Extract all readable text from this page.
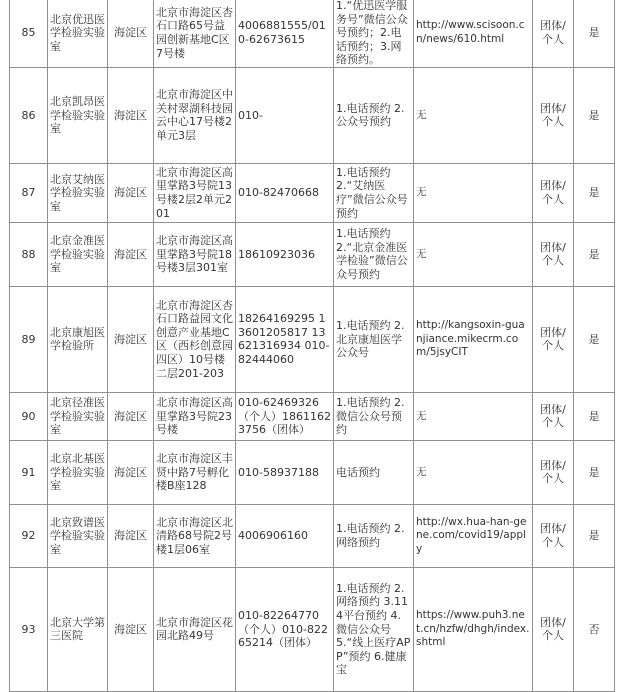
85	北京优迅医学检验实验室	海淀区	北京市海淀区杏石口路65号益园创新基地C区7号楼	4006881555/010-62673615	1.“优迅医学服务号”微信公众号预约；2.电话预约；3.网络预约。	http://www.scisoon.cn/news/610.html	团体/个人	是
86	北京凯昂医学检验实验室	海淀区	北京市海淀区中关村翠湖科技园云中心17号楼2单元3层	010-	1.电话预约 2.公众号预约	无	团体/个人	是
87	北京艾纳医学检验实验室	海淀区	北京市海淀区高里掌路3号院13号楼2层2单元201	010-82470668	1.电话预约 2.“艾纳医疗”微信公众号预约	无	团体/个人	是
88	北京金准医学检验实验室	海淀区	北京市海淀区高里掌路3号院18号楼3层301室	18610923036	1.电话预约 2.“北京金准医学检验”微信公众号预约	无	团体/个人	是
89	北京康旭医学检验所	海淀区	北京市海淀区杏石口路益园文化创意产业基地C区（西杉创意园四区）10号楼二层201-203	18264169295 13601205817 13621316934 010-82444060	1.电话预约 2.北京康旭医学公众号	http://kangsoxin-guanjiance.mikecrm.com/5jsyCIT	团体/个人	是
90	北京径准医学检验实验室	海淀区	北京市海淀区高里掌路3号院23号楼	010-62469326（个人）18611623756（团体）	1.电话预约 2.微信公众号预约	无	团体/个人	是
91	北京北基医学检验实验室	海淀区	北京市海淀区丰贤中路7号孵化楼B座128	010-58937188	电话预约	无	团体/个人	是
92	北京致谱医学检验实验室	海淀区	北京市海淀区北清路68号院2号楼1层06室	4006906160	1.电话预约 2.网络预约	http://wx.hua-han-gene.com/covid19/apply	团体/个人	是
93	北京大学第三医院	海淀区	北京市海淀区花园北路49号	010-82264770（个人）010-82265214（团体）	1.电话预约 2.网络预约 3.114平台预约 4.微信公众号 5.“线上医疗APP”预约 6.健康宝	https://www.puh3.net.cn/hzfw/dhgh/index.shtml	团体/个人	否
